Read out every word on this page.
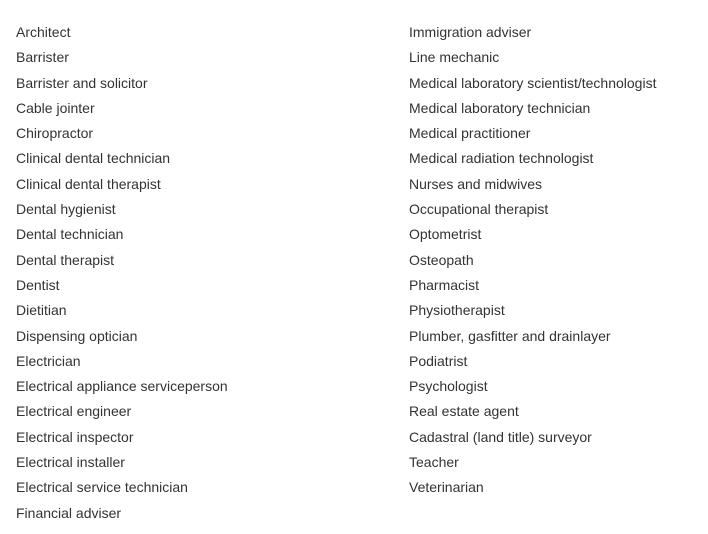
Architect
Barrister
Barrister and solicitor
Cable jointer
Chiropractor
Clinical dental technician
Clinical dental therapist
Dental hygienist
Dental technician
Dental therapist
Dentist
Dietitian
Dispensing optician
Electrician
Electrical appliance serviceperson
Electrical engineer
Electrical inspector
Electrical installer
Electrical service technician
Financial adviser
Immigration adviser
Line mechanic
Medical laboratory scientist/technologist
Medical laboratory technician
Medical practitioner
Medical radiation technologist
Nurses and midwives
Occupational therapist
Optometrist
Osteopath
Pharmacist
Physiotherapist
Plumber, gasfitter and drainlayer
Podiatrist
Psychologist
Real estate agent
Cadastral (land title) surveyor
Teacher
Veterinarian
